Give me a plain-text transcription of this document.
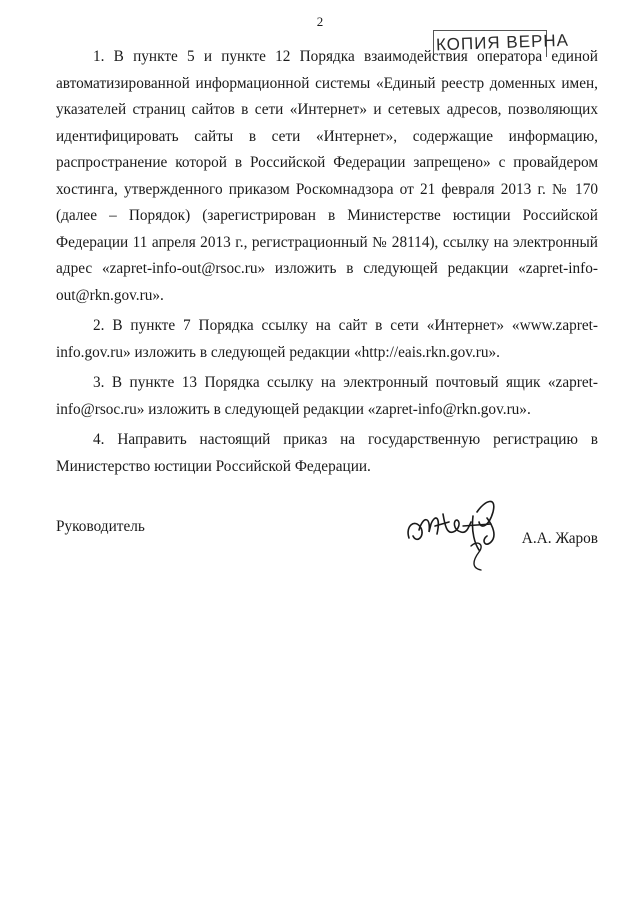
2
КОПИЯ ВЕРНА

1. В пункте 5 и пункте 12 Порядка взаимодействия оператора единой автоматизированной информационной системы «Единый реестр доменных имен, указателей страниц сайтов в сети «Интернет» и сетевых адресов, позволяющих идентифицировать сайты в сети «Интернет», содержащие информацию, распространение которой в Российской Федерации запрещено» с провайдером хостинга, утвержденного приказом Роскомнадзора от 21 февраля 2013 г. № 170 (далее – Порядок) (зарегистрирован в Министерстве юстиции Российской Федерации 11 апреля 2013 г., регистрационный № 28114), ссылку на электронный адрес «zapret-info-out@rsoc.ru» изложить в следующей редакции «zapret-info-out@rkn.gov.ru».

2. В пункте 7 Порядка ссылку на сайт в сети «Интернет» «www.zapret-info.gov.ru» изложить в следующей редакции «http://eais.rkn.gov.ru».

3. В пункте 13 Порядка ссылку на электронный почтовый ящик «zapret-info@rsoc.ru» изложить в следующей редакции «zapret-info@rkn.gov.ru».

4. Направить настоящий приказ на государственную регистрацию в Министерство юстиции Российской Федерации.

Руководитель
А.А. Жаров
